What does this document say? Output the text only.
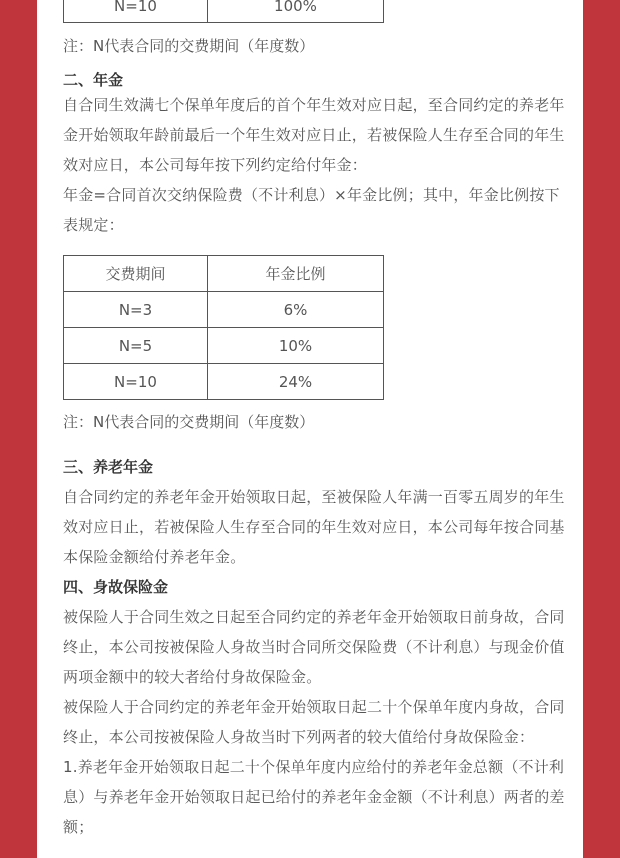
N=10	100%

注：N代表合同的交费期间（年度数）

二、年金

自合同生效满七个保单年度后的首个年生效对应日起，至合同约定的养老年金开始领取年龄前最后一个年生效对应日止，若被保险人生存至合同的年生效对应日，本公司每年按下列约定给付年金：

年金=合同首次交纳保险费（不计利息）×年金比例；其中，年金比例按下表规定：

交费期间	年金比例
N=3	6%
N=5	10%
N=10	24%

注：N代表合同的交费期间（年度数）

三、养老年金

自合同约定的养老年金开始领取日起，至被保险人年满一百零五周岁的年生效对应日止，若被保险人生存至合同的年生效对应日，本公司每年按合同基本保险金额给付养老年金。

四、身故保险金

被保险人于合同生效之日起至合同约定的养老年金开始领取日前身故，合同终止，本公司按被保险人身故当时合同所交保险费（不计利息）与现金价值两项金额中的较大者给付身故保险金。

被保险人于合同约定的养老年金开始领取日起二十个保单年度内身故，合同终止，本公司按被保险人身故当时下列两者的较大值给付身故保险金：

1.养老年金开始领取日起二十个保单年度内应给付的养老年金总额（不计利息）与养老年金开始领取日起已给付的养老年金金额（不计利息）两者的差额；
